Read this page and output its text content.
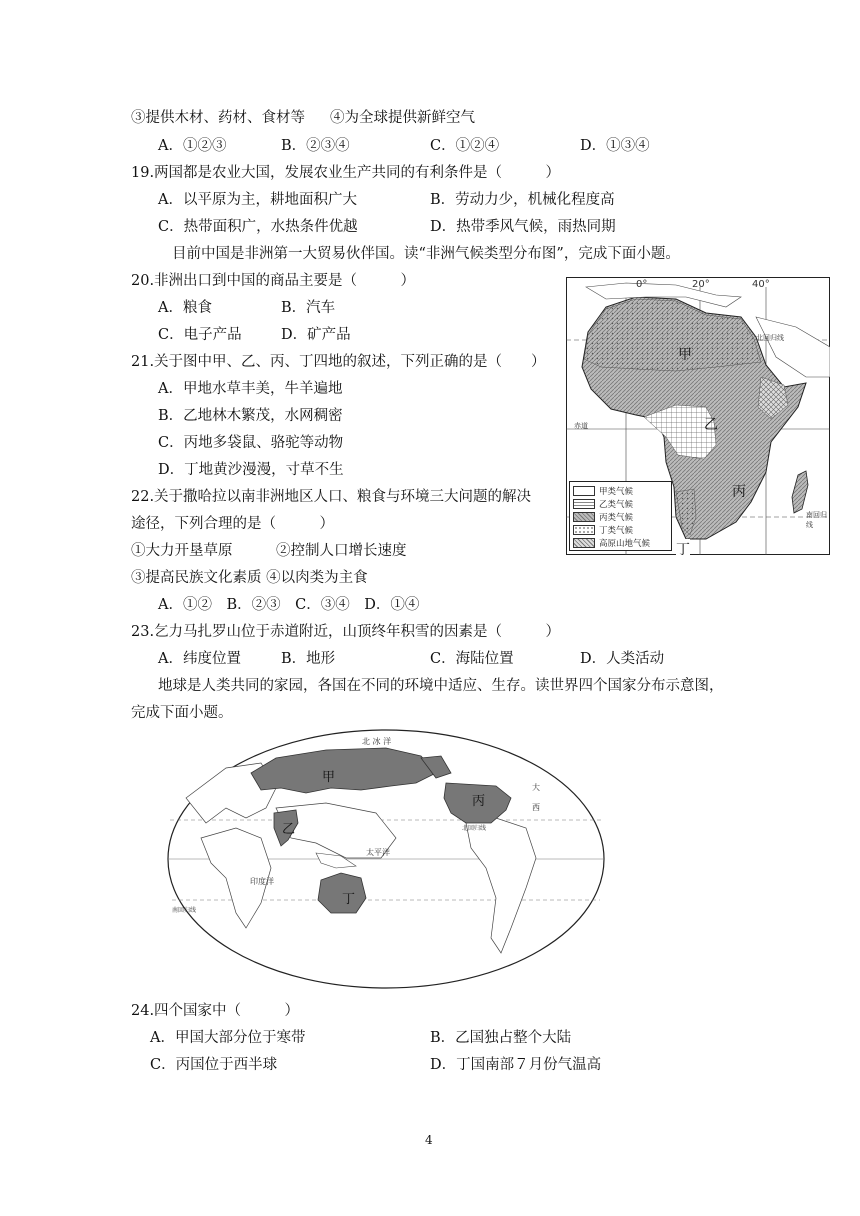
③提供木材、药材、食材等 ④为全球提供新鲜空气
A．①②③	B．②③④	C．①②④	D．①③④
19.两国都是农业大国，发展农业生产共同的有利条件是（　　　）
A．以平原为主，耕地面积广大	B．劳动力少，机械化程度高
C．热带面积广，水热条件优越	D．热带季风气候，雨热同期
目前中国是非洲第一大贸易伙伴国。读“非洲气候类型分布图”，完成下面小题。
20.非洲出口到中国的商品主要是（　　　）
A．粮食	B．汽车
C．电子产品	D．矿产品
21.关于图中甲、乙、丙、丁四地的叙述，下列正确的是（　　）
A．甲地水草丰美，牛羊遍地
B．乙地林木繁茂，水网稠密
C．丙地多袋鼠、骆驼等动物
D．丁地黄沙漫漫，寸草不生
22.关于撒哈拉以南非洲地区人口、粮食与环境三大问题的解决
途径，下列合理的是（　　　）
①大力开垦草原　　　②控制人口增长速度
③提高民族文化素质 ④以肉类为主食
A．①②　B．②③　C．③④　D．①④
23.乞力马扎罗山位于赤道附近，山顶终年积雪的因素是（　　　）
A．纬度位置	B．地形	C．海陆位置	D．人类活动
地球是人类共同的家园，各国在不同的环境中适应、生存。读世界四个国家分布示意图，
完成下面小题。
24.四个国家中（　　　）
A．甲国大部分位于寒带	B．乙国独占整个大陆
C．丙国位于西半球	D．丁国南部７月份气温高
4
0°	20°	40°
北回归线
赤道
南回归线
甲
乙
丙
丁
甲类气候
乙类气候
丙类气候
丁类气候
高原山地气候
北 冰 洋
太平洋
印度洋
大
西
北回归线
南回归线
甲
乙
丙
丁
